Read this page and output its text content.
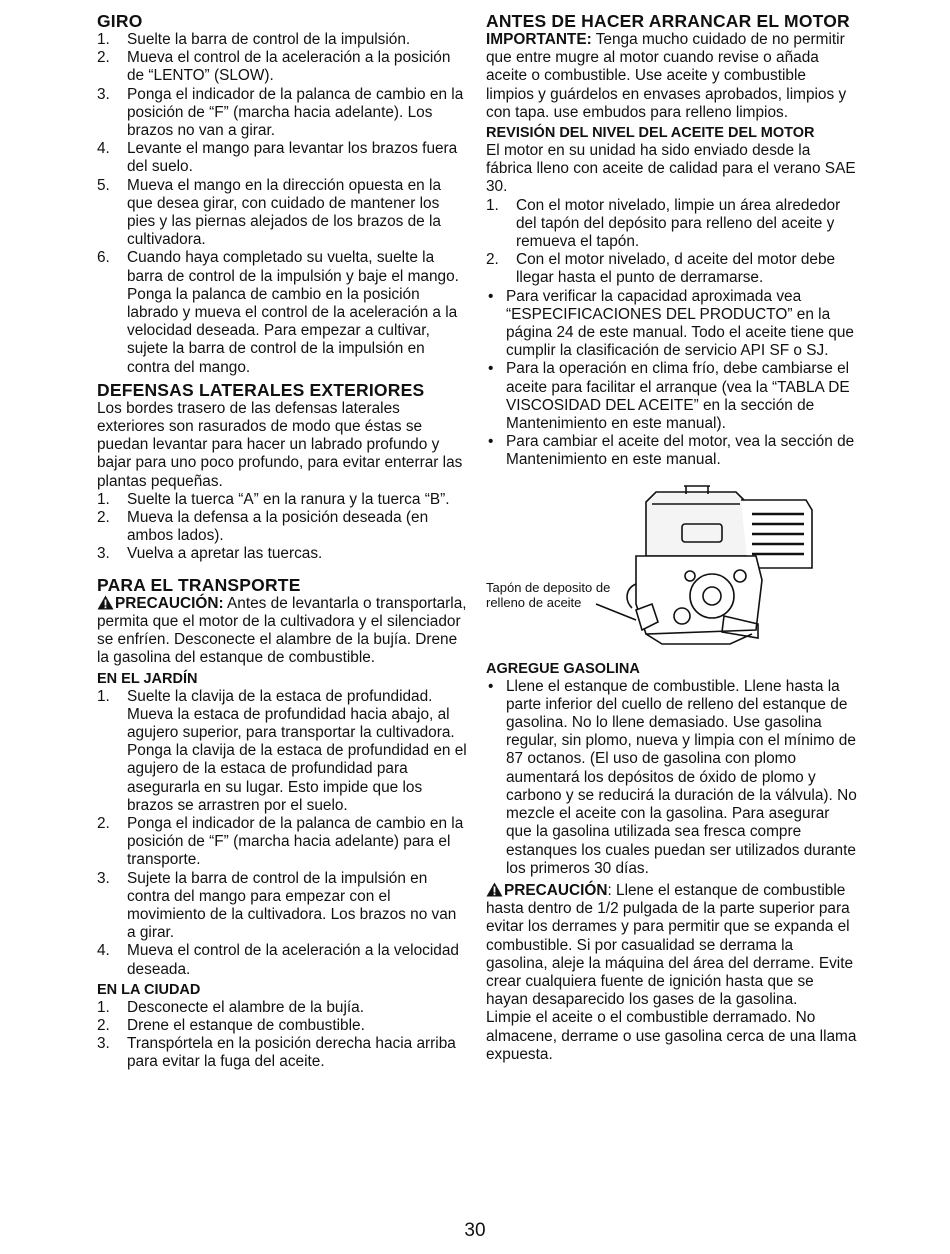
GIRO
1. Suelte la barra de control de la impulsión.
2. Mueva el control de la aceleración a la posición de “LENTO” (SLOW).
3. Ponga el indicador de la palanca de cambio en la posición de “F” (marcha hacia adelante). Los brazos no van a girar.
4. Levante el mango para levantar los brazos fuera del suelo.
5. Mueva el mango en la dirección opuesta en la que desea girar, con cuidado de mantener los pies y las piernas alejados de los brazos de la cultivadora.
6. Cuando haya completado su vuelta, suelte la barra de control de la impulsión y baje el mango. Ponga la palanca de cambio en la posición labrado y mueva el control de la aceleración a la velocidad deseada. Para empezar a cultivar, sujete la barra de control de la impulsión en contra del mango.
DEFENSAS LATERALES EXTERIORES

Los bordes trasero de las defensas laterales exteriores son rasurados de modo que éstas se puedan levantar para hacer un labrado profundo y bajar para uno poco profundo, para evitar enterrar las plantas pequeñas.

1. Suelte la tuerca “A” en la ranura y la tuerca “B”.
2. Mueva la defensa a la posición deseada (en ambos lados).
3. Vuelva a apretar las tuercas.
PARA EL TRANSPORTE

PRECAUCIÓN: Antes de levantarla o transportarla, permita que el motor de la cultivadora y el silenciador se enfríen. Desconecte el alambre de la bujía. Drene la gasolina del estanque de combustible.

EN EL JARDÍN
1. Suelte la clavija de la estaca de profundidad. Mueva la estaca de profundidad hacia abajo, al agujero superior, para transportar la cultivadora. Ponga la clavija de la estaca de profundidad en el agujero de la estaca de profundidad para asegurarla en su lugar. Esto impide que los brazos se arrastren por el suelo.
2. Ponga el indicador de la palanca de cambio en la posición de “F” (marcha hacia adelante) para el transporte.
3. Sujete la barra de control de la impulsión en contra del mango para empezar con el movimiento de la cultivadora. Los brazos no van a girar.
4. Mueva el control de la aceleración a la velocidad deseada.
EN LA CIUDAD
1. Desconecte el alambre de la bujía.
2. Drene el estanque de combustible.
3. Transpórtela en la posición derecha hacia arriba para evitar la fuga del aceite.
ANTES DE HACER ARRANCAR EL MOTOR

IMPORTANTE: Tenga mucho cuidado de no permitir que entre mugre al motor cuando revise o añada aceite o combustible. Use aceite y combustible limpios y guárdelos en envases aprobados, limpios y con tapa. use embudos para relleno limpios.

REVISIÓN DEL NIVEL DEL ACEITE DEL MOTOR

El motor en su unidad ha sido enviado desde la fábrica lleno con aceite de calidad para el verano SAE 30.

1. Con el motor nivelado, limpie un área alrededor del tapón del depósito para relleno del aceite y remueva el tapón.
2. Con el motor nivelado, d aceite del motor debe llegar hasta el punto de derramarse.
• Para verificar la capacidad aproximada vea “ESPECIFICACIONES DEL PRODUCTO” en la página 24 de este manual. Todo el aceite tiene que cumplir la clasificación de servicio API SF o SJ.
• Para la operación en clima frío, debe cambiarse el aceite para facilitar el arranque (vea la “TABLA DE VISCOSIDAD DEL ACEITE” en la sección de Mantenimiento en este manual).
• Para cambiar el aceite del motor, vea la sección de Mantenimiento en este manual.
Tapón de deposito de
relleno de aceite
AGREGUE GASOLINA
• Llene el estanque de combustible. Llene hasta la parte inferior del cuello de relleno del estanque de gasolina. No lo llene demasiado. Use gasolina regular, sin plomo, nueva y limpia con el mínimo de 87 octanos. (El uso de gasolina con plomo aumentará los depósitos de óxido de plomo y carbono y se reducirá la duración de la válvula). No mezcle el aceite con la gasolina. Para asegurar que la gasolina utilizada sea fresca compre estanques los cuales puedan ser utilizados durante los primeros 30 días.

PRECAUCIÓN: Llene el estanque de combustible hasta dentro de 1/2 pulgada de la parte superior para evitar los derrames y para permitir que se expanda el combustible. Si por casualidad se derrama la gasolina, aleje la máquina del área del derrame. Evite crear cualquiera fuente de ignición hasta que se hayan desaparecido los gases de la gasolina.

Limpie el aceite o el combustible derramado. No almacene, derrame o use gasolina cerca de una llama expuesta.

30
